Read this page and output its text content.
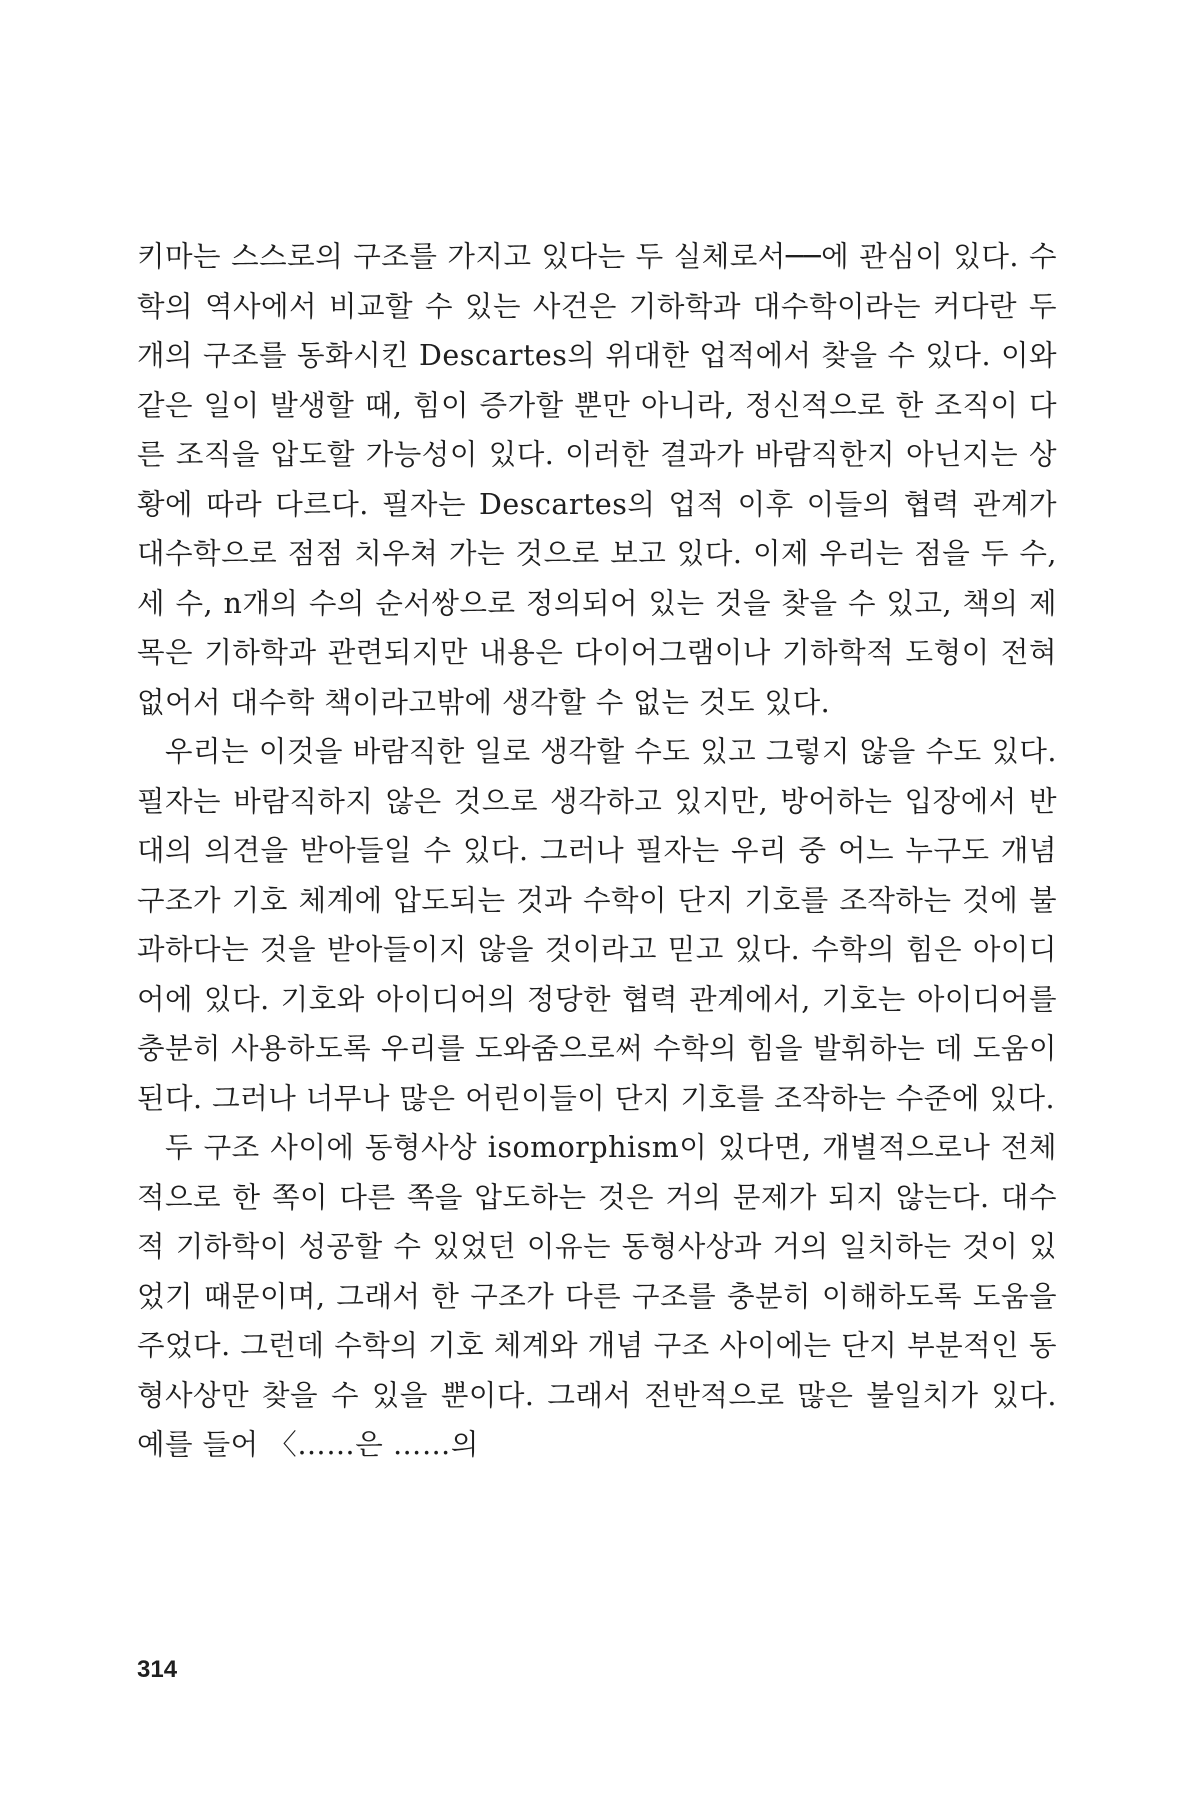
키마는 스스로의 구조를 가지고 있다는 두 실체로서──에 관심이 있다. 수학의 역사에서 비교할 수 있는 사건은 기하학과 대수학이라는 커다란 두 개의 구조를 동화시킨 Descartes의 위대한 업적에서 찾을 수 있다. 이와 같은 일이 발생할 때, 힘이 증가할 뿐만 아니라, 정신적으로 한 조직이 다른 조직을 압도할 가능성이 있다. 이러한 결과가 바람직한지 아닌지는 상황에 따라 다르다. 필자는 Descartes의 업적 이후 이들의 협력 관계가 대수학으로 점점 치우쳐 가는 것으로 보고 있다. 이제 우리는 점을 두 수, 세 수, n개의 수의 순서쌍으로 정의되어 있는 것을 찾을 수 있고, 책의 제목은 기하학과 관련되지만 내용은 다이어그램이나 기하학적 도형이 전혀 없어서 대수학 책이라고밖에 생각할 수 없는 것도 있다.

우리는 이것을 바람직한 일로 생각할 수도 있고 그렇지 않을 수도 있다. 필자는 바람직하지 않은 것으로 생각하고 있지만, 방어하는 입장에서 반대의 의견을 받아들일 수 있다. 그러나 필자는 우리 중 어느 누구도 개념 구조가 기호 체계에 압도되는 것과 수학이 단지 기호를 조작하는 것에 불과하다는 것을 받아들이지 않을 것이라고 믿고 있다. 수학의 힘은 아이디어에 있다. 기호와 아이디어의 정당한 협력 관계에서, 기호는 아이디어를 충분히 사용하도록 우리를 도와줌으로써 수학의 힘을 발휘하는 데 도움이 된다. 그러나 너무나 많은 어린이들이 단지 기호를 조작하는 수준에 있다.

두 구조 사이에 동형사상 isomorphism이 있다면, 개별적으로나 전체적으로 한 쪽이 다른 쪽을 압도하는 것은 거의 문제가 되지 않는다. 대수적 기하학이 성공할 수 있었던 이유는 동형사상과 거의 일치하는 것이 있었기 때문이며, 그래서 한 구조가 다른 구조를 충분히 이해하도록 도움을 주었다. 그런데 수학의 기호 체계와 개념 구조 사이에는 단지 부분적인 동형사상만 찾을 수 있을 뿐이다. 그래서 전반적으로 많은 불일치가 있다. 예를 들어 〈……은 ……의

314
